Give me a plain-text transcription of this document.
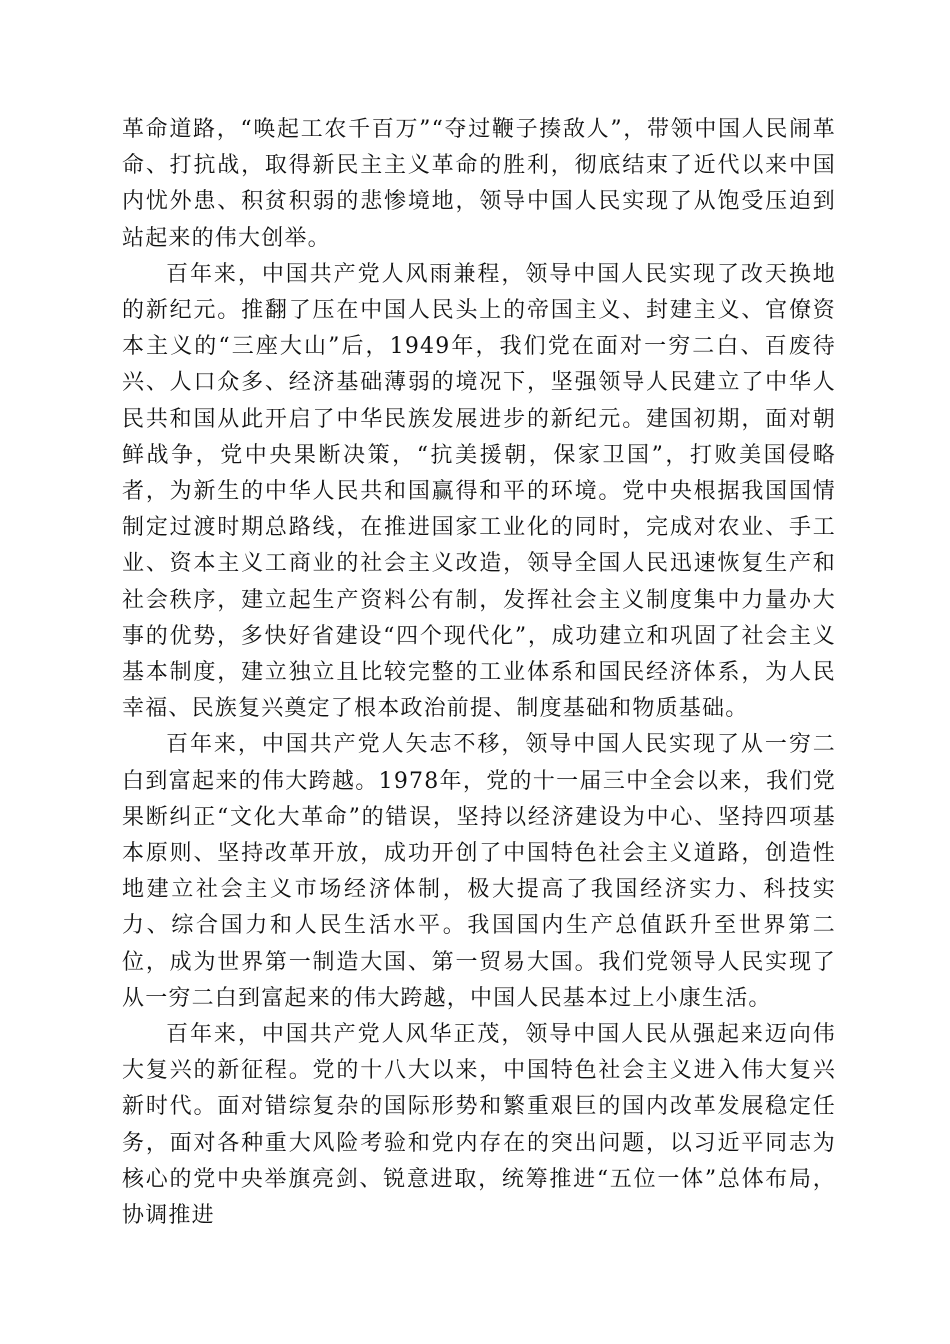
革命道路，“唤起工农千百万”“夺过鞭子揍敌人”，带领中国人民闹革命、打抗战，取得新民主主义革命的胜利，彻底结束了近代以来中国内忧外患、积贫积弱的悲惨境地，领导中国人民实现了从饱受压迫到站起来的伟大创举。

百年来，中国共产党人风雨兼程，领导中国人民实现了改天换地的新纪元。推翻了压在中国人民头上的帝国主义、封建主义、官僚资本主义的“三座大山”后，1949年，我们党在面对一穷二白、百废待兴、人口众多、经济基础薄弱的境况下，坚强领导人民建立了中华人民共和国从此开启了中华民族发展进步的新纪元。建国初期，面对朝鲜战争，党中央果断决策，“抗美援朝，保家卫国”，打败美国侵略者，为新生的中华人民共和国赢得和平的环境。党中央根据我国国情制定过渡时期总路线，在推进国家工业化的同时，完成对农业、手工业、资本主义工商业的社会主义改造，领导全国人民迅速恢复生产和社会秩序，建立起生产资料公有制，发挥社会主义制度集中力量办大事的优势，多快好省建设“四个现代化”，成功建立和巩固了社会主义基本制度，建立独立且比较完整的工业体系和国民经济体系，为人民幸福、民族复兴奠定了根本政治前提、制度基础和物质基础。

百年来，中国共产党人矢志不移，领导中国人民实现了从一穷二白到富起来的伟大跨越。1978年，党的十一届三中全会以来，我们党果断纠正“文化大革命”的错误，坚持以经济建设为中心、坚持四项基本原则、坚持改革开放，成功开创了中国特色社会主义道路，创造性地建立社会主义市场经济体制，极大提高了我国经济实力、科技实力、综合国力和人民生活水平。我国国内生产总值跃升至世界第二位，成为世界第一制造大国、第一贸易大国。我们党领导人民实现了从一穷二白到富起来的伟大跨越，中国人民基本过上小康生活。

百年来，中国共产党人风华正茂，领导中国人民从强起来迈向伟大复兴的新征程。党的十八大以来，中国特色社会主义进入伟大复兴新时代。面对错综复杂的国际形势和繁重艰巨的国内改革发展稳定任务，面对各种重大风险考验和党内存在的突出问题，以习近平同志为核心的党中央举旗亮剑、锐意进取，统筹推进“五位一体”总体布局，协调推进
